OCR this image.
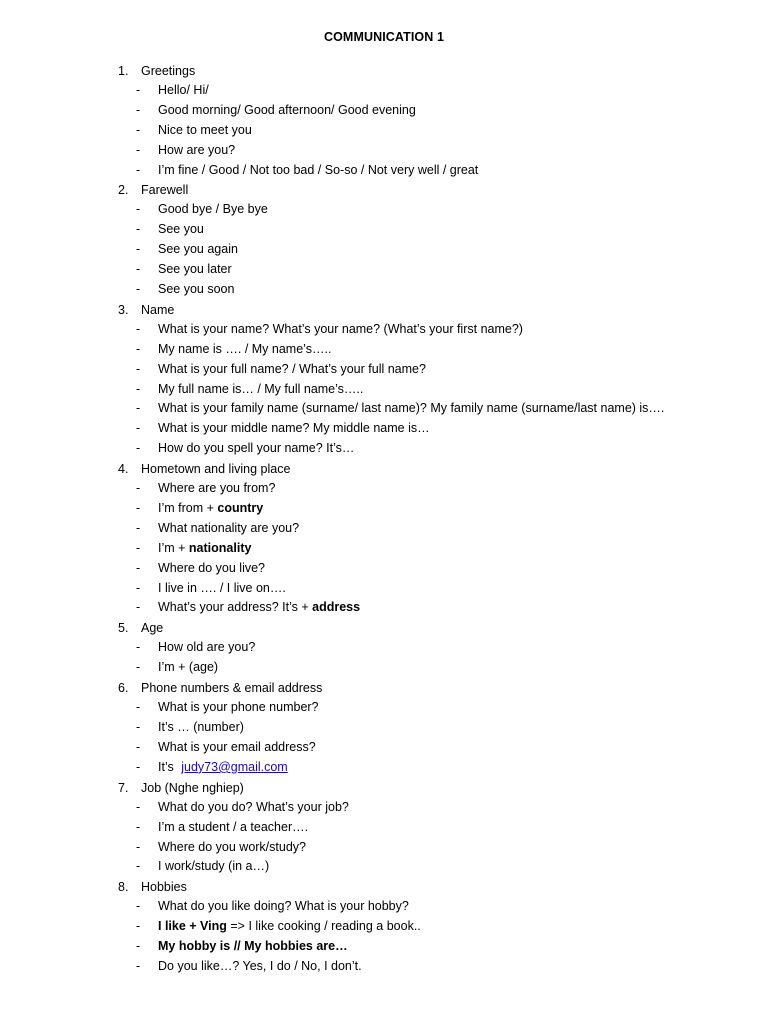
COMMUNICATION 1
1. Greetings
- Hello/ Hi/
- Good morning/ Good afternoon/ Good evening
- Nice to meet you
- How are you?
- I’m fine / Good / Not too bad / So-so / Not very well / great
2. Farewell
- Good bye / Bye bye
- See you
- See you again
- See you later
- See you soon
3. Name
- What is your name? What’s your name? (What’s your first name?)
- My name is …. / My name’s…..
- What is your full name? / What’s your full name?
- My full name is… / My full name’s…..
- What is your family name (surname/ last name)? My family name (surname/last name) is….
- What is your middle name? My middle name is…
- How do you spell your name? It’s…
4. Hometown and living place
- Where are you from?
- I’m from + country
- What nationality are you?
- I’m + nationality
- Where do you live?
- I live in …. / I live on….
- What’s your address? It’s + address
5. Age
- How old are you?
- I’m + (age)
6. Phone numbers & email address
- What is your phone number?
- It’s … (number)
- What is your email address?
- It’s judy73@gmail.com
7. Job (Nghe nghiep)
- What do you do? What’s your job?
- I’m a student / a teacher….
- Where do you work/study?
- I work/study (in a…)
8. Hobbies
- What do you like doing? What is your hobby?
- I like + Ving => I like cooking / reading a book..
- My hobby is // My hobbies are…
- Do you like…? Yes, I do / No, I don’t.
